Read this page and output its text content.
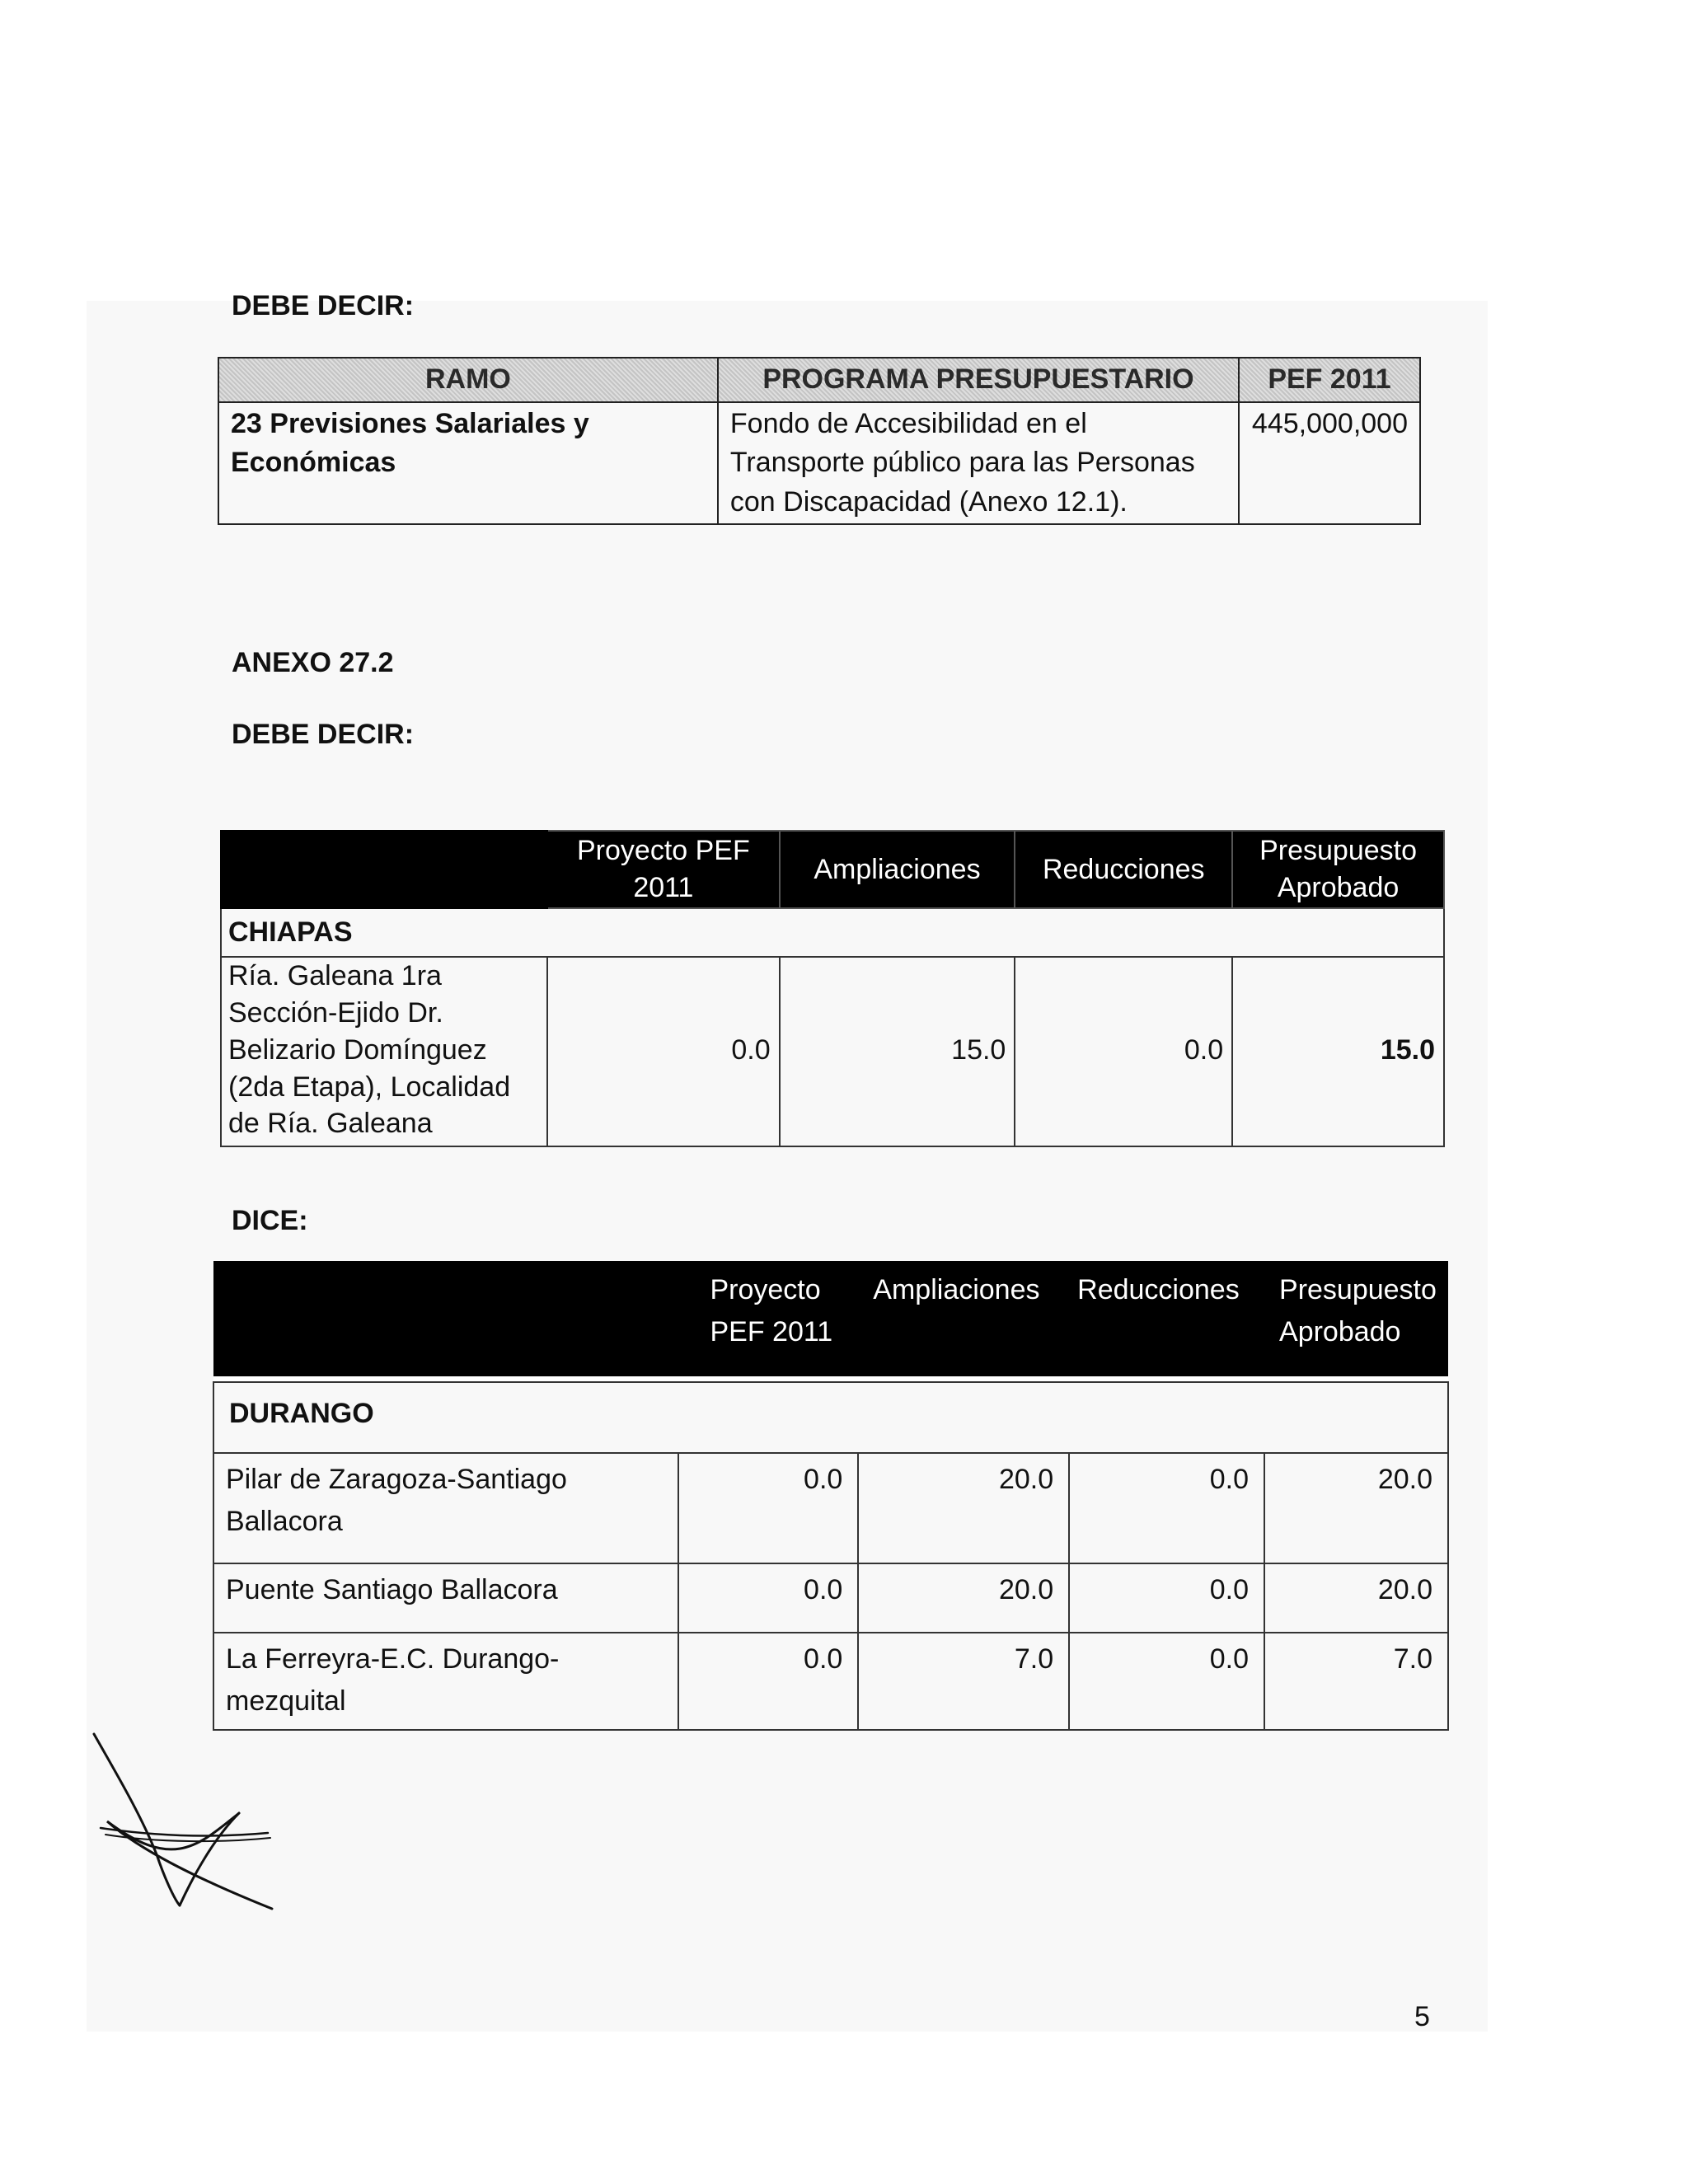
DEBE DECIR:
RAMO	PROGRAMA PRESUPUESTARIO	PEF 2011
23 Previsiones Salariales y Económicas	Fondo de Accesibilidad en el Transporte público para las Personas con Discapacidad (Anexo 12.1).	445,000,000
ANEXO 27.2
DEBE DECIR:
	Proyecto PEF 2011	Ampliaciones	Reducciones	Presupuesto Aprobado
CHIAPAS				
Ría. Galeana 1ra Sección-Ejido Dr. Belizario Domínguez (2da Etapa), Localidad de Ría. Galeana	0.0	15.0	0.0	15.0
DICE:
	Proyecto PEF 2011	Ampliaciones	Reducciones	Presupuesto Aprobado

DURANGO				
Pilar de Zaragoza-Santiago Ballacora	0.0	20.0	0.0	20.0
Puente Santiago Ballacora	0.0	20.0	0.0	20.0
La Ferreyra-E.C. Durango-mezquital	0.0	7.0	0.0	7.0
5
